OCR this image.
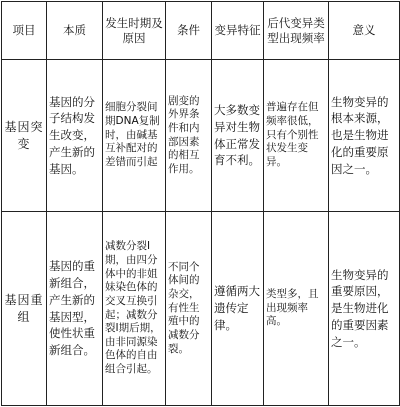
项目	本质	发生时期及原因	条件	变异特征	后代变异类型出现频率	意义
基因突变	基因的分子结构发生改变，产生新的基因。	细胞分裂间期DNA复制时，由碱基互补配对的差错而引起	剧变的外界条件和内部因素的相互作用。	大多数变异对生物体正常发育不利。	普遍存在但频率很低，只有个别性状发生变异。	生物变异的根本来源，也是生物进化的重要原因之一。
基因重组	基因的重新组合，产生新的基因型，使性状重新组合。	减数分裂Ⅰ期，由四分体中的非姐妹染色体的交叉互换引起；减数分裂Ⅰ期后期，由非同源染色体的自由组合引起。	不同个体间的杂交，有性生殖中的减数分裂。	遵循两大遗传定律。	类型多，且出现频率高。	生物变异的重要原因，是生物进化的重要因素之一。
